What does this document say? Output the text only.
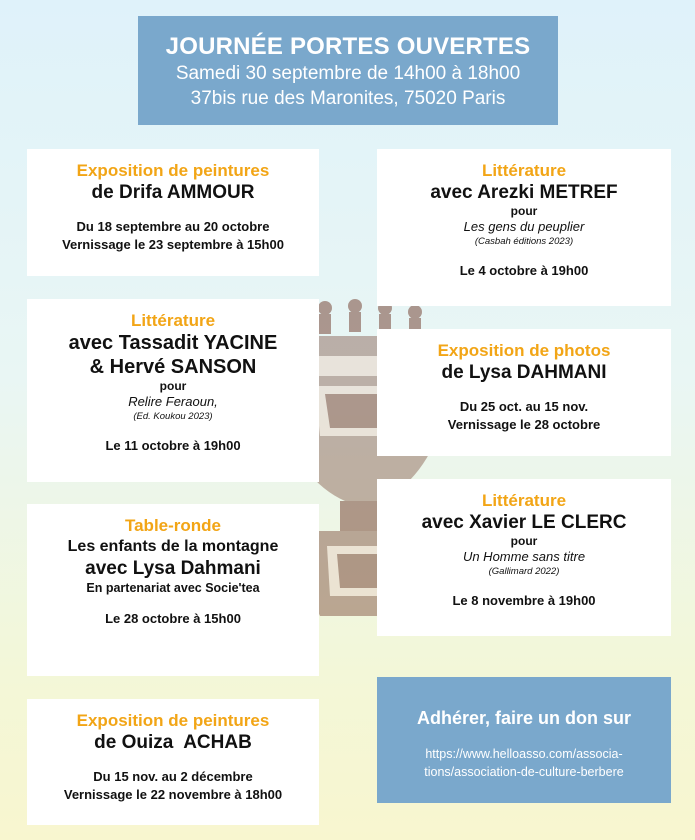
JOURNÉE PORTES OUVERTES
Samedi 30 septembre de 14h00 à 18h00
37bis rue des Maronites, 75020 Paris
Exposition de peintures
de Drifa AMMOUR
Du 18 septembre au 20 octobre
Vernissage le 23 septembre à 15h00
Littérature
avec Arezki METREF
pour
Les gens du peuplier
(Casbah éditions 2023)
Le 4 octobre à 19h00
Littérature
avec Tassadit YACINE
& Hervé SANSON
pour
Relire Feraoun,
(Ed. Koukou 2023)
Le 11 octobre à 19h00
Exposition de photos
de Lysa DAHMANI
Du 25 oct. au 15 nov.
Vernissage le 28 octobre
Littérature
avec Xavier LE CLERC
pour
Un Homme sans titre
(Gallimard 2022)
Le 8 novembre à 19h00
Table-ronde
Les enfants de la montagne
avec Lysa Dahmani
En partenariat avec Socie'tea
Le 28 octobre à 15h00
Exposition de peintures
de Ouiza  ACHAB
Du 15 nov. au 2 décembre
Vernissage le 22 novembre à 18h00
Adhérer, faire un don sur
https://www.helloasso.com/associa-
tions/association-de-culture-berbere
